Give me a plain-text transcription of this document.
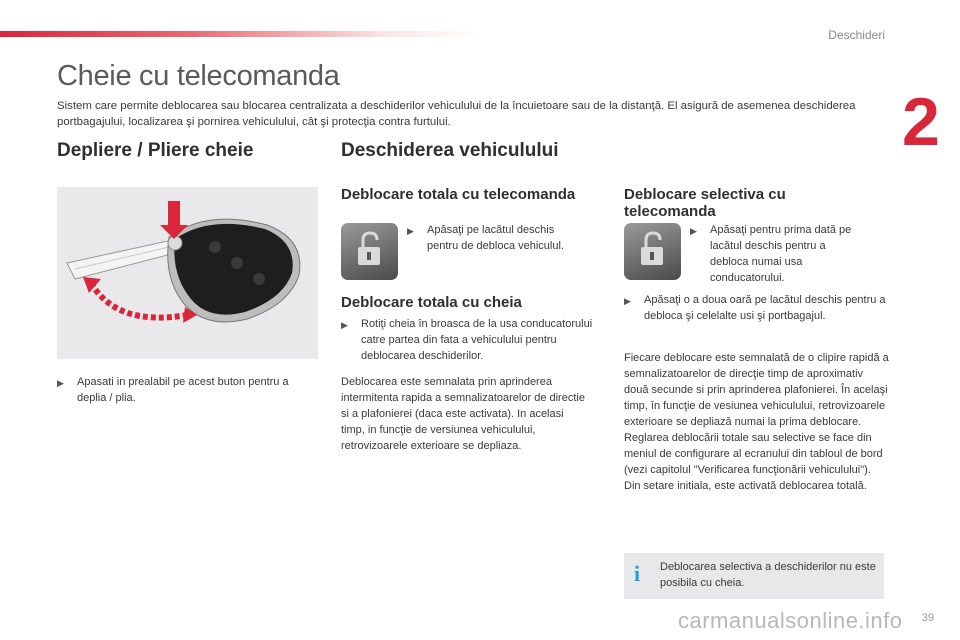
Deschideri
2
Cheie cu telecomanda
Sistem care permite deblocarea sau blocarea centralizata a deschiderilor vehiculului de la încuietoare sau de la distanţă. El asigură de asemenea deschiderea portbagajului, localizarea şi pornirea vehiculului, cât şi protecţia contra furtului.
Depliere / Pliere cheie
▶	Apasati in prealabil pe acest buton pentru a deplia / plia.
Deschiderea vehiculului
Deblocare totala cu telecomanda
▶	Apăsaţi pe lacătul deschis pentru de debloca vehiculul.
Deblocare totala cu cheia
▶	Rotiţi cheia în broasca de la usa conducatorului catre partea din fata a vehiculului pentru deblocarea deschiderilor.
Deblocarea este semnalata prin aprinderea intermitenta rapida a semnalizatoarelor de directie si a plafonierei (daca este activata). In acelasi timp, in funcţie de versiunea vehiculului, retrovizoarele exterioare se depliaza.
Deblocare selectiva cu telecomanda
▶	Apăsaţi pentru prima dată pe lacătul deschis pentru a debloca numai usa conducatorului.
▶	Apăsaţi o a doua oară pe lacătul deschis pentru a debloca şi celelalte usi şi portbagajul.
Fiecare deblocare este semnalată de o clipire rapidă a semnalizatoarelor de direcţie timp de aproximativ două secunde si prin aprinderea plafonierei. În acelaşi timp, în funcţie de vesiunea vehiculului, retrovizoarele exterioare se depliază numai la prima deblocare. Reglarea deblocării totale sau selective se face din meniul de configurare al ecranului din tabloul de bord (vezi capitolul "Verificarea funcţionării vehiculului"). Din setare initiala, este activată deblocarea totală.
i Deblocarea selectiva a deschiderilor nu este posibila cu cheia.
carmanualsonline.info 39
